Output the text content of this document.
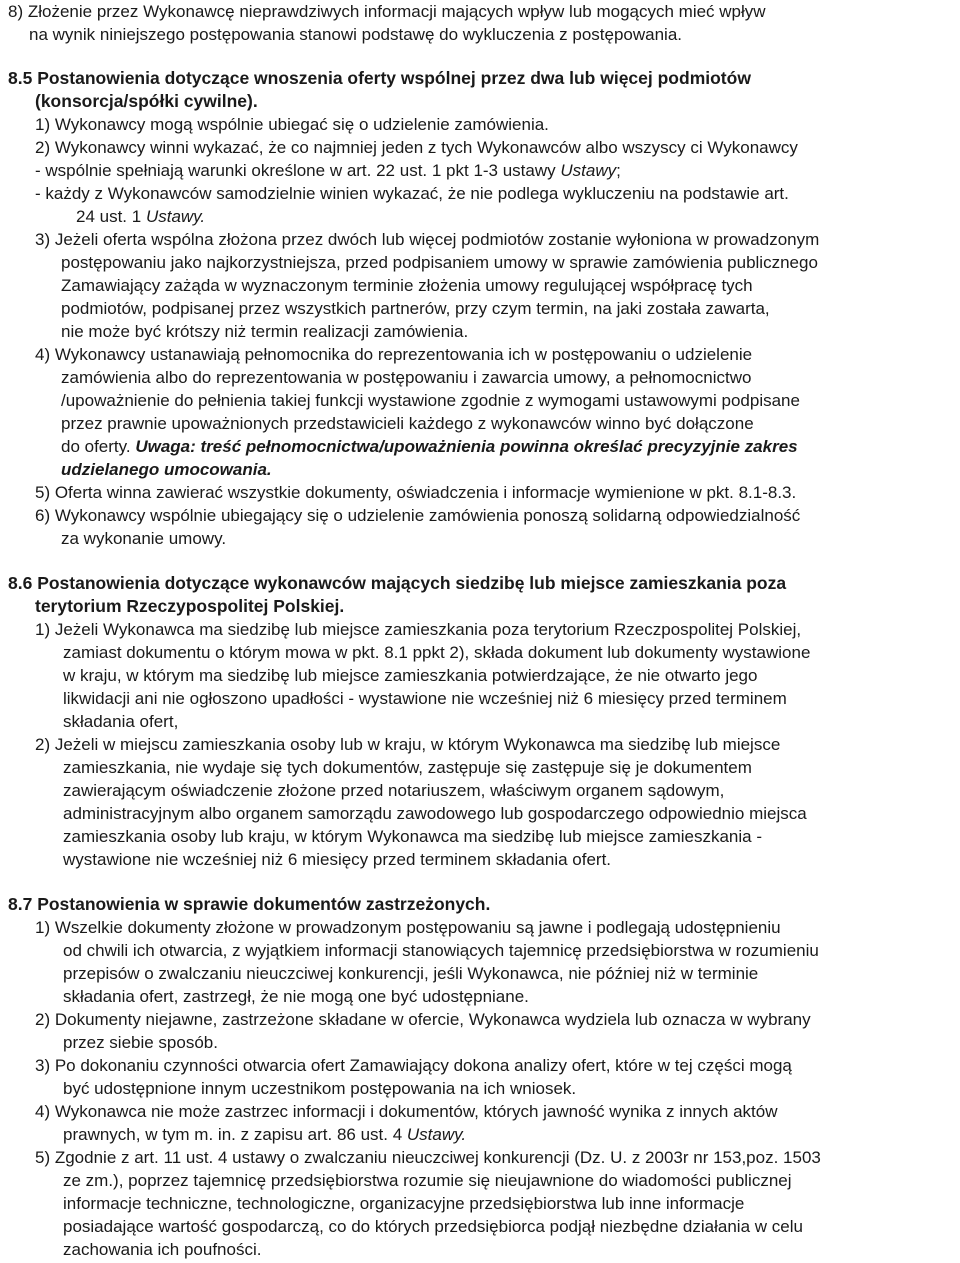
8) Złożenie przez Wykonawcę nieprawdziwych informacji mających wpływ lub mogących mieć wpływ
na wynik niniejszego postępowania stanowi podstawę do wykluczenia z postępowania.
8.5 Postanowienia dotyczące wnoszenia oferty wspólnej przez dwa lub więcej podmiotów
(konsorcja/spółki cywilne).
1) Wykonawcy mogą wspólnie ubiegać się o udzielenie zamówienia.
2) Wykonawcy winni wykazać, że co najmniej jeden z tych Wykonawców albo wszyscy ci Wykonawcy
- wspólnie spełniają warunki określone w art. 22 ust. 1 pkt 1-3 ustawy Ustawy;
- każdy z Wykonawców samodzielnie winien wykazać, że nie podlega wykluczeniu na podstawie art.
24 ust. 1 Ustawy.
3) Jeżeli oferta wspólna złożona przez dwóch lub więcej podmiotów zostanie wyłoniona w prowadzonym
postępowaniu jako najkorzystniejsza, przed podpisaniem umowy w sprawie zamówienia publicznego
Zamawiający zażąda w wyznaczonym terminie złożenia umowy regulującej współpracę tych
podmiotów, podpisanej przez wszystkich partnerów, przy czym termin, na jaki została zawarta,
nie może być krótszy niż termin realizacji zamówienia.
4) Wykonawcy ustanawiają pełnomocnika do reprezentowania ich w postępowaniu o udzielenie
zamówienia albo do reprezentowania w postępowaniu i zawarcia umowy, a pełnomocnictwo
/upoważnienie do pełnienia takiej funkcji wystawione zgodnie z wymogami ustawowymi podpisane
przez prawnie upoważnionych przedstawicieli każdego z wykonawców winno być dołączone
do oferty. Uwaga: treść pełnomocnictwa/upoważnienia powinna określać precyzyjnie zakres
udzielanego umocowania.
5) Oferta winna zawierać wszystkie dokumenty, oświadczenia i informacje wymienione w pkt. 8.1-8.3.
6) Wykonawcy wspólnie ubiegający się o udzielenie zamówienia ponoszą solidarną odpowiedzialność
za wykonanie umowy.
8.6 Postanowienia dotyczące wykonawców mających siedzibę lub miejsce zamieszkania poza
terytorium Rzeczypospolitej Polskiej.
1) Jeżeli Wykonawca ma siedzibę lub miejsce zamieszkania poza terytorium Rzeczpospolitej Polskiej,
zamiast dokumentu o którym mowa w pkt. 8.1 ppkt 2), składa dokument lub dokumenty wystawione
w kraju, w którym ma siedzibę lub miejsce zamieszkania potwierdzające, że nie otwarto jego
likwidacji ani nie ogłoszono upadłości - wystawione nie wcześniej niż 6 miesięcy przed terminem
składania ofert,
2) Jeżeli w miejscu zamieszkania osoby lub w kraju, w którym Wykonawca ma siedzibę lub miejsce
zamieszkania, nie wydaje się tych dokumentów, zastępuje się zastępuje się je dokumentem
zawierającym oświadczenie złożone przed notariuszem, właściwym organem sądowym,
administracyjnym albo organem samorządu zawodowego lub gospodarczego odpowiednio miejsca
zamieszkania osoby lub kraju, w którym Wykonawca ma siedzibę lub miejsce zamieszkania -
wystawione nie wcześniej niż 6 miesięcy przed terminem składania ofert.
8.7 Postanowienia w sprawie dokumentów zastrzeżonych.
1) Wszelkie dokumenty złożone w prowadzonym postępowaniu są jawne i podlegają udostępnieniu
od chwili ich otwarcia, z wyjątkiem informacji stanowiących tajemnicę przedsiębiorstwa w rozumieniu
przepisów o zwalczaniu nieuczciwej konkurencji, jeśli Wykonawca, nie później niż w terminie
składania ofert, zastrzegł, że nie mogą one być udostępniane.
2) Dokumenty niejawne, zastrzeżone składane w ofercie, Wykonawca wydziela lub oznacza w wybrany
przez siebie sposób.
3) Po dokonaniu czynności otwarcia ofert Zamawiający dokona analizy ofert, które w tej części mogą
być udostępnione innym uczestnikom postępowania na ich wniosek.
4) Wykonawca nie może zastrzec informacji i dokumentów, których jawność wynika z innych aktów
prawnych, w tym m. in. z zapisu art. 86 ust. 4 Ustawy.
5) Zgodnie z art. 11 ust. 4 ustawy o zwalczaniu nieuczciwej konkurencji (Dz. U. z 2003r nr 153,poz. 1503
ze zm.), poprzez tajemnicę przedsiębiorstwa rozumie się nieujawnione do wiadomości publicznej
informacje techniczne, technologiczne, organizacyjne przedsiębiorstwa lub inne informacje
posiadające wartość gospodarczą, co do których przedsiębiorca podjął niezbędne działania w celu
zachowania ich poufności.
